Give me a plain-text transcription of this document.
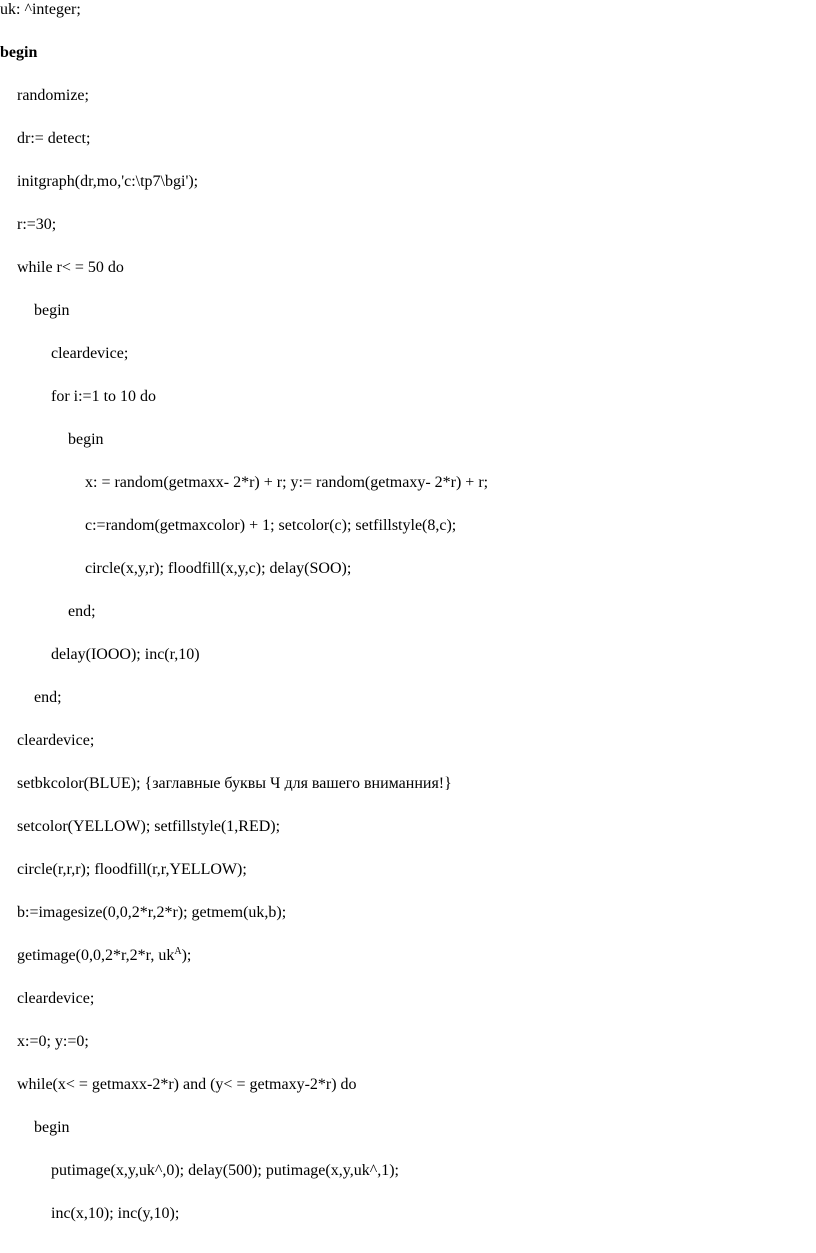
uk: ^integer;
begin
randomize;
dr:= detect;
initgraph(dr,mo,'c:\tp7\bgi');
r:=30;
while r< = 50 do
begin
cleardevice;
for i:=1 to 10 do
begin
x: = random(getmaxx- 2*r) + r; y:= random(getmaxy- 2*r) + r;
c:=random(getmaxcolor) + 1; setcolor(c); setfillstyle(8,c);
circle(x,y,r); floodfill(x,y,c); delay(SOO);
end;
delay(IOOO); inc(r,10)
end;
cleardevice;
setbkcolor(BLUE); {заглавные буквы Ч для вашего вниманния!}
setcolor(YELLOW); setfillstyle(1,RED);
circle(r,r,r); floodfill(r,r,YELLOW);
b:=imagesize(0,0,2*r,2*r); getmem(uk,b);
getimage(0,0,2*r,2*r, $uk^A$);
cleardevice;
x:=0; y:=0;
while(x< = getmaxx-2*r) and (y< = getmaxy-2*r) do
begin
putimage(x,y,uk^,0); delay(500); putimage(x,y,uk^,1);
inc(x,10); inc(y,10);
